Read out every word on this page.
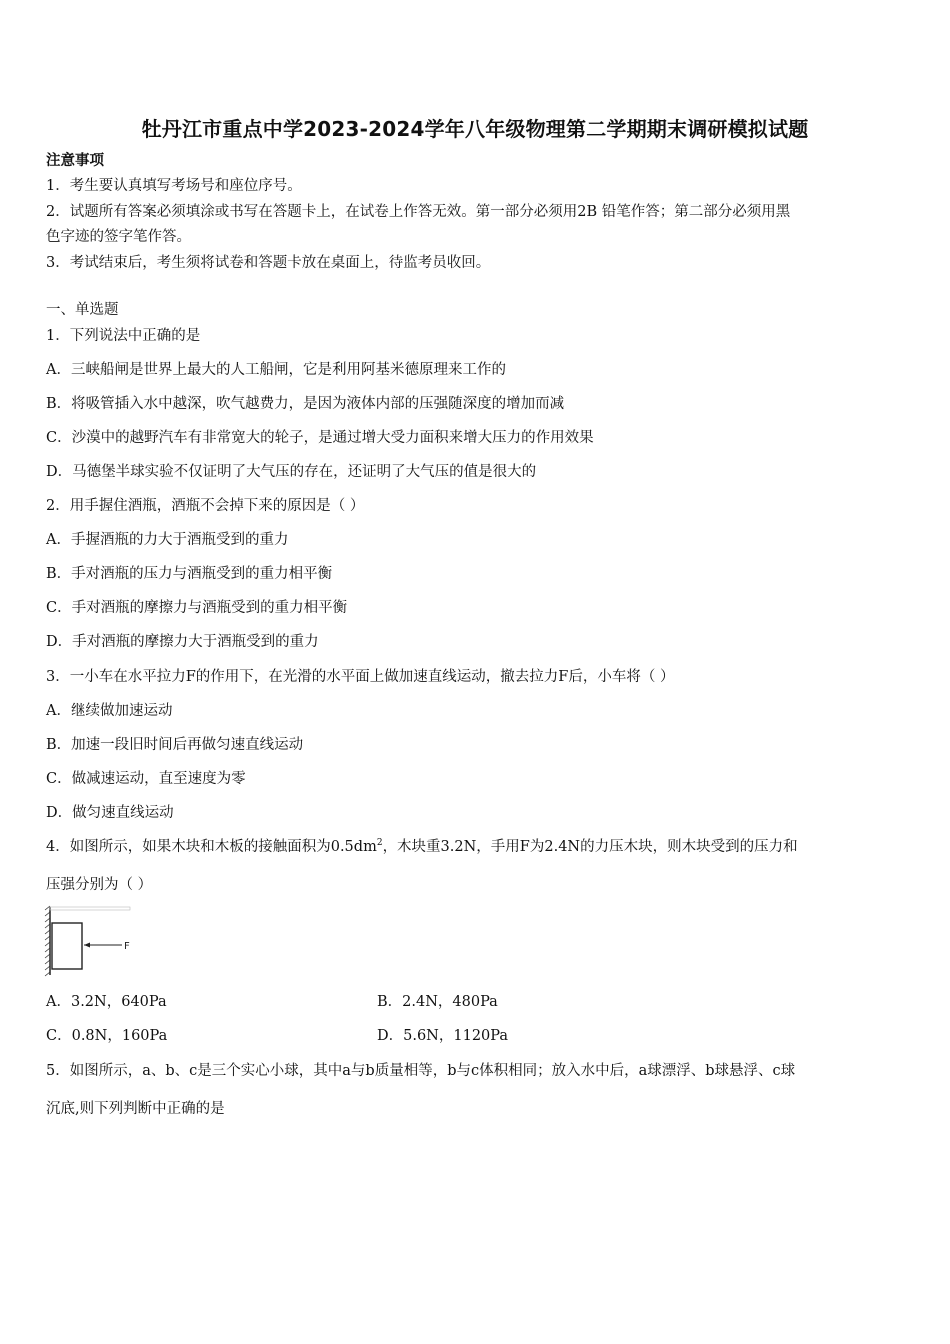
牡丹江市重点中学2023-2024学年八年级物理第二学期期末调研模拟试题
注意事项
1．考生要认真填写考场号和座位序号。
2．试题所有答案必须填涂或书写在答题卡上，在试卷上作答无效。第一部分必须用2B 铅笔作答；第二部分必须用黑
色字迹的签字笔作答。
3．考试结束后，考生须将试卷和答题卡放在桌面上，待监考员收回。
一、单选题
1．下列说法中正确的是
A．三峡船闸是世界上最大的人工船闸，它是利用阿基米德原理来工作的
B．将吸管插入水中越深，吹气越费力，是因为液体内部的压强随深度的增加而减
C．沙漠中的越野汽车有非常宽大的轮子，是通过增大受力面积来增大压力的作用效果
D．马德堡半球实验不仅证明了大气压的存在，还证明了大气压的值是很大的
2．用手握住酒瓶，酒瓶不会掉下来的原因是（ ）
A．手握酒瓶的力大于酒瓶受到的重力
B．手对酒瓶的压力与酒瓶受到的重力相平衡
C．手对酒瓶的摩擦力与酒瓶受到的重力相平衡
D．手对酒瓶的摩擦力大于酒瓶受到的重力
3．一小车在水平拉力F的作用下，在光滑的水平面上做加速直线运动，撤去拉力F后，小车将（ ）
A．继续做加速运动
B．加速一段旧时间后再做匀速直线运动
C．做减速运动，直至速度为零
D．做匀速直线运动
4．如图所示，如果木块和木板的接触面积为$0.5dm^2$，木块重3.2N，手用F为2.4N的力压木块，则木块受到的压力和
压强分别为（ ）
F
A．3.2N，640Pa	B．2.4N，480Pa
C．0.8N，160Pa	D．5.6N，1120Pa
5．如图所示，a、b、c是三个实心小球，其中a与b质量相等，b与c体积相同；放入水中后，a球漂浮、b球悬浮、c球
沉底,则下列判断中正确的是
